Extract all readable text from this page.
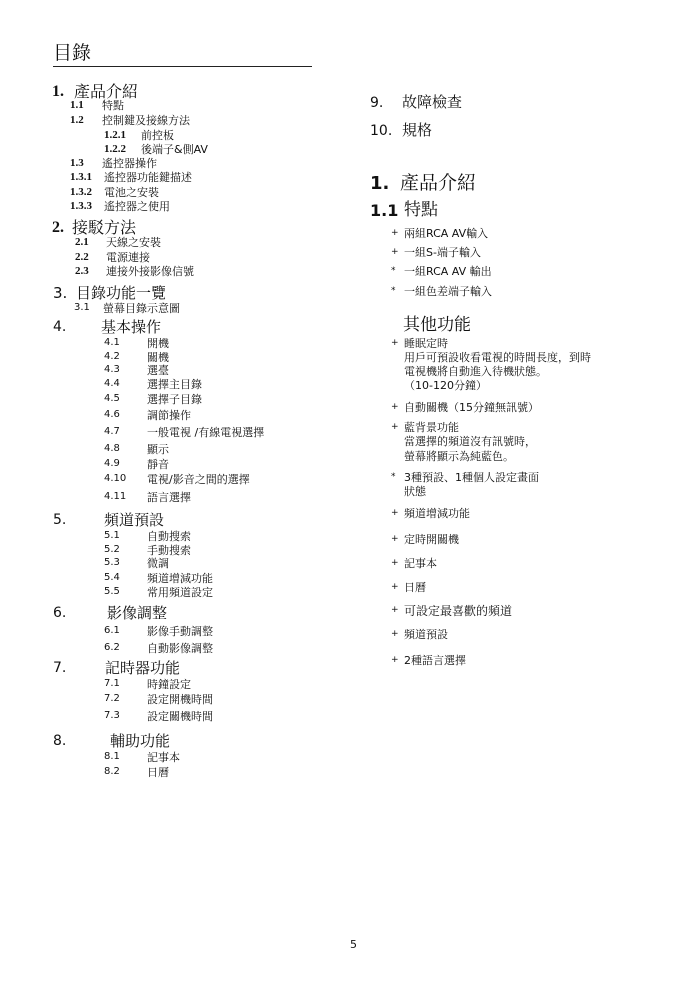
目錄
1. 產品介紹
1.1 特點
1.2 控制鍵及接線方法
1.2.1 前控板
1.2.2 後端子&側AV
1.3 遙控器操作
1.3.1 遙控器功能鍵描述
1.3.2 電池之安裝
1.3.3 遙控器之使用
2. 接駁方法
2.1 天線之安裝
2.2 電源連接
2.3 連接外接影像信號
3. 目錄功能一覽
3.1 螢幕目錄示意圖
4. 基本操作
4.1 開機
4.2 關機
4.3 選臺
4.4 選擇主目錄
4.5 選擇子目錄
4.6 調節操作
4.7 一般電視 /有線電視選擇
4.8 顯示
4.9 靜音
4.10 電視/影音之間的選擇
4.11 語言選擇
5.	頻道預設
5.1 自動搜索
5.2 手動搜索
5.3 微調
5.4 頻道增減功能
5.5 常用頻道設定
6.	影像調整
6.1 影像手動調整
6.2 自動影像調整
7.	記時器功能
7.1 時鐘設定
7.2 設定開機時間
7.3 設定關機時間
8.	輔助功能
8.1 記事本
8.2 日曆
9. 故障檢查
10. 規格
1. 產品介紹
1.1 特點
+ 兩組RCA AV輸入
+ 一組S-端子輸入
* 一組RCA AV 輸出
* 一組色差端子輸入
其他功能
+ 睡眠定時
用戶可預設收看電視的時間長度，到時
電視機將自動進入待機狀態。
（10-120分鐘）
+ 自動關機（15分鐘無訊號）
+ 藍背景功能
當選擇的頻道沒有訊號時，
螢幕將顯示為純藍色。
* 3種預設、1種個人設定畫面
狀態
+ 頻道增減功能
+ 定時開關機
+ 記事本
+ 日曆
+ 可設定最喜歡的頻道
+ 頻道預設
+ 2種語言選擇
5
